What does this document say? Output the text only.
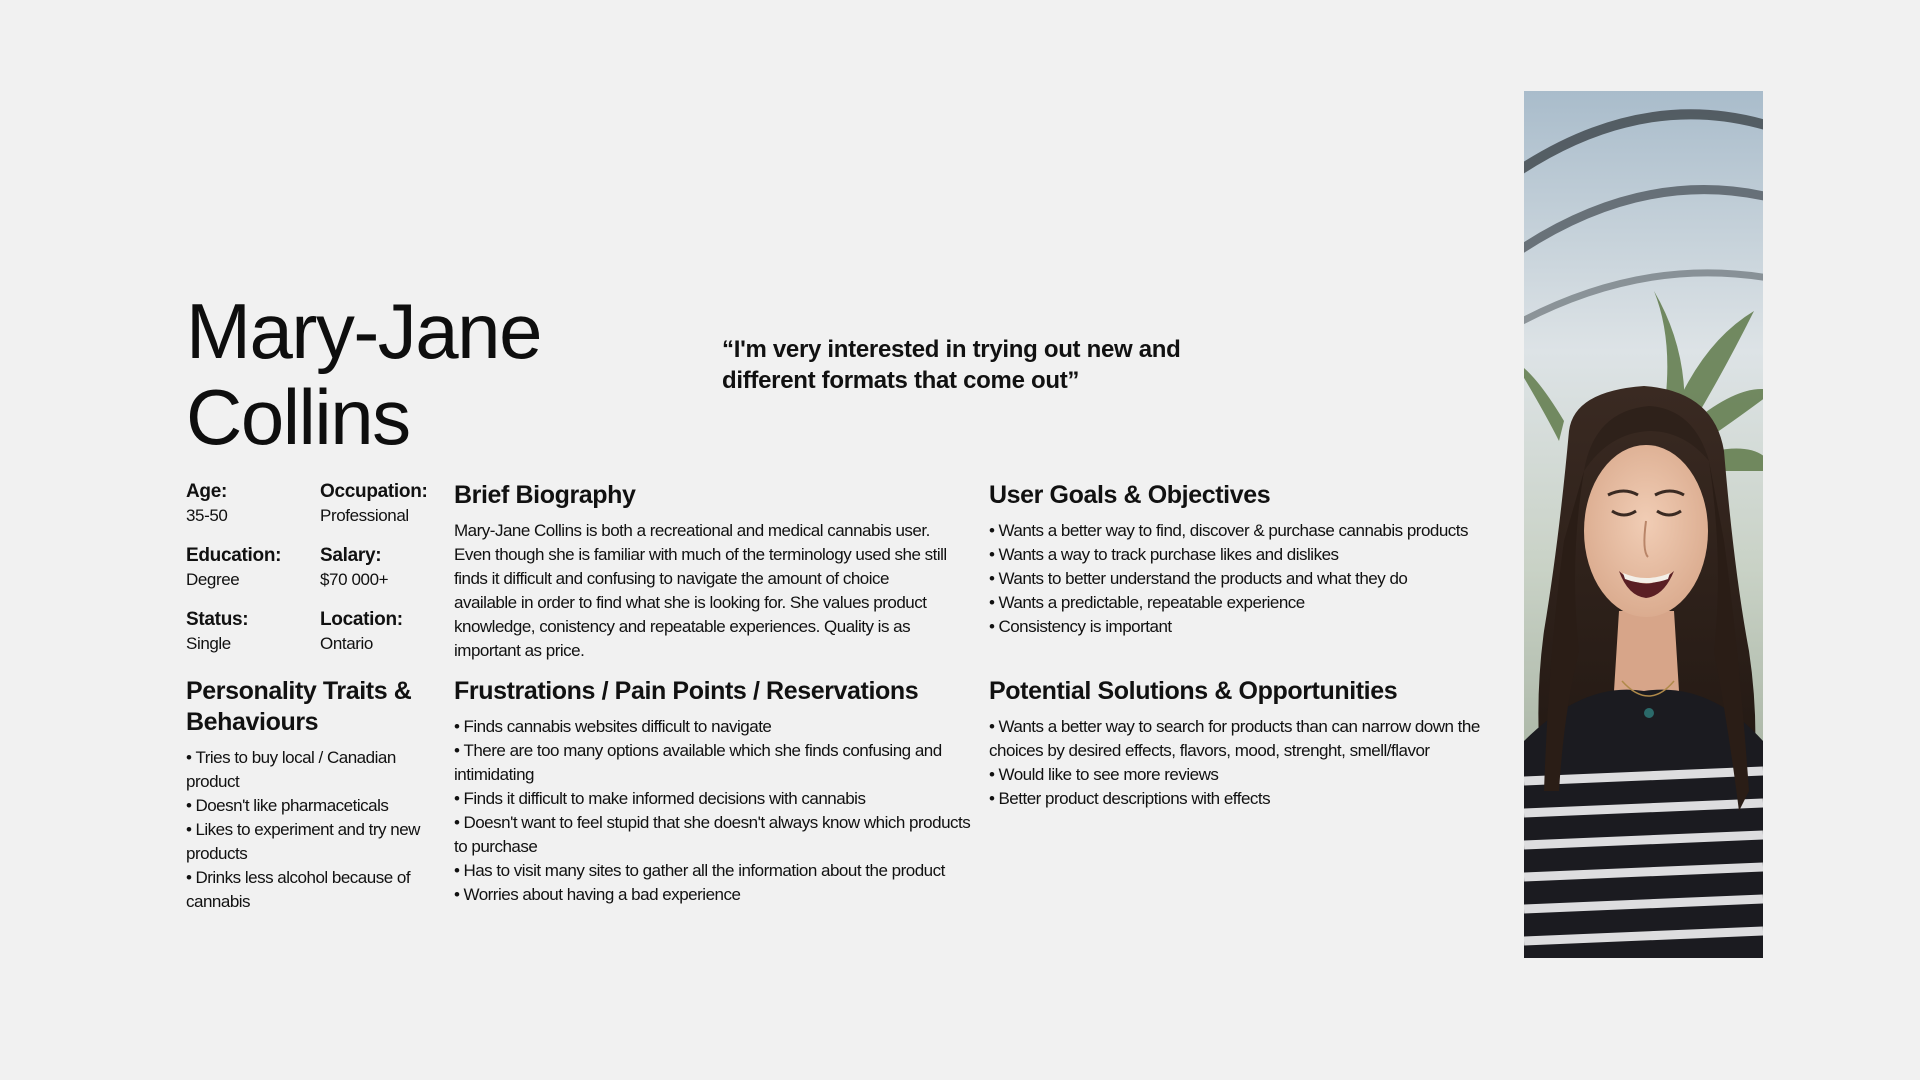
Mary-Jane
Collins

“I'm very interested in trying out new and different formats that come out”

Age:
35-50
Occupation:
Professional
Education:
Degree
Salary:
$70 000+
Status:
Single
Location:
Ontario
Personality Traits & Behaviours
• Tries to buy local / Canadian product
• Doesn't like pharmaceticals
• Likes to experiment and try new products
• Drinks less alcohol because of cannabis
Brief Biography

Mary-Jane Collins is both a recreational and medical cannabis user. Even though she is familiar with much of the terminology used she still finds it difficult and confusing to navigate the amount of choice available in order to find what she is looking for. She values product knowledge, conistency and repeatable experiences. Quality is as important as price.

Frustrations / Pain Points / Reservations
• Finds cannabis websites difficult to navigate
• There are too many options available which she finds confusing and intimidating
• Finds it difficult to make informed decisions with cannabis
• Doesn't want to feel stupid that she doesn't always know which products to purchase
• Has to visit many sites to gather all the information about the product
• Worries about having a bad experience
User Goals & Objectives
• Wants a better way to find, discover & purchase cannabis products
• Wants a way to track purchase likes and dislikes
• Wants to better understand the products and what they do
• Wants a predictable, repeatable experience
• Consistency is important
Potential Solutions & Opportunities
• Wants a better way to search for products than can narrow down the choices by desired effects, flavors, mood, strenght, smell/flavor
• Would like to see more reviews
• Better product descriptions with effects
